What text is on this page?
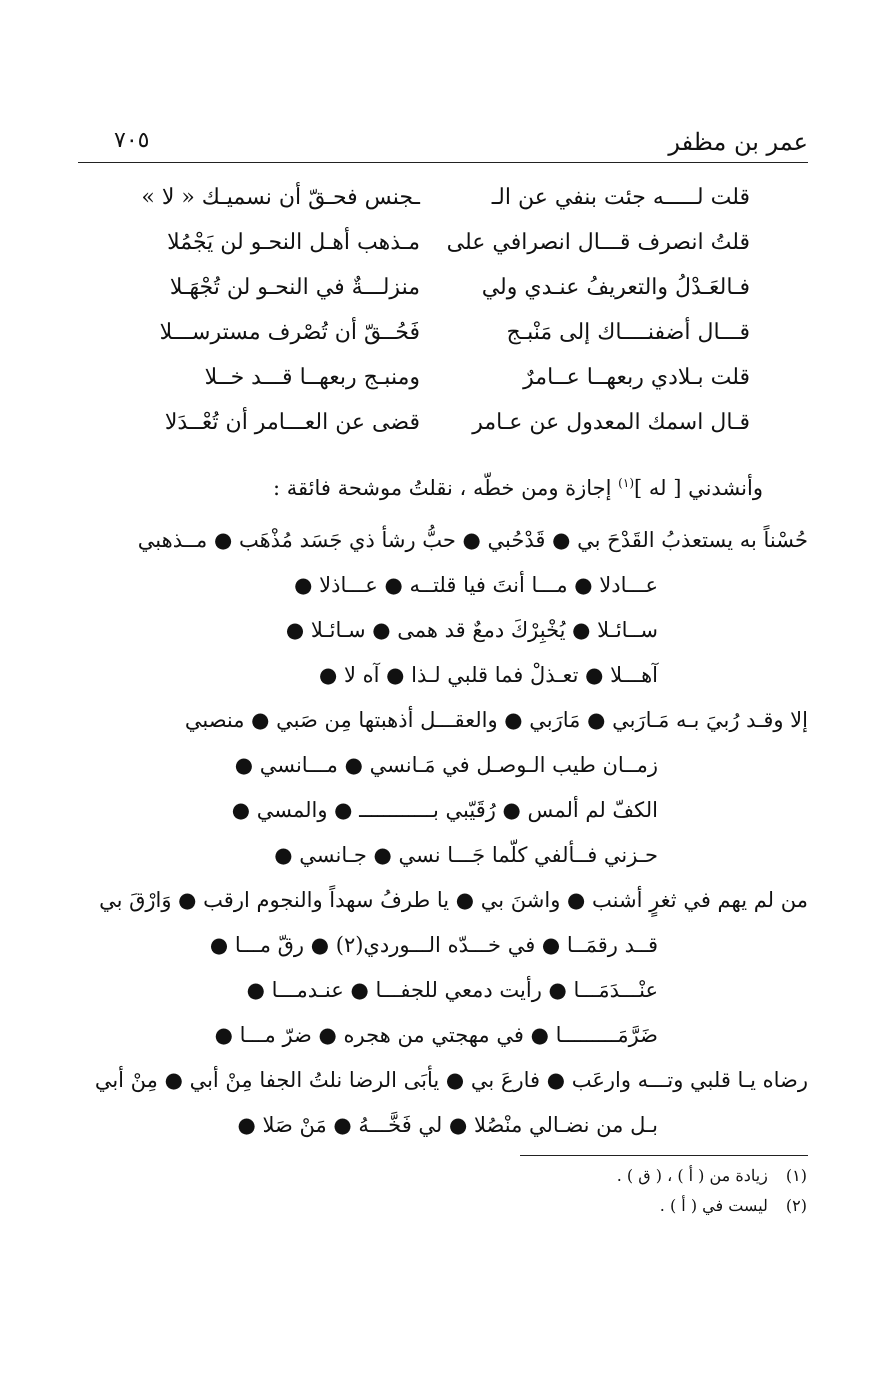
عمر بن مظفر
٧٠٥
قلت لـــــه جئت بنفي عن الـ
ـجنس فحـقّ أن نسميـك « لا »
قلتُ انصرف قـــال انصرافي على
مـذهب أهـل النحـو لن يَجْمُلا
فـالعَـدْلُ والتعريفُ عنـدي ولي
منزلـــةٌ في النحـو لن تُجْهَـلا
قـــال أضفنــــاك إلى مَنْبـج
فَحُــقّ أن تُصْرف مسترســـلا
قلت بـلادي ربعهــا عــامرٌ
ومنبـج ربعهــا قـــد خــلا
قـال اسمك المعدول عن عـامر
قضى عن العـــامر أن تُعْــدَلا
وأنشدني [ له ]$^{(١)}$ إجازة ومن خطّه ، نقلتُ موشحة فائقة :
حُسْناً به يستعذبُ القَدْحَ بي ● قَدْحُبي ● حبُّ رشأ ذي جَسَد مُذْهَب ● مــذهبي
عـــادلا ● مـــا أنتَ فيا قلتــه ● عـــاذلا ●
ســائـلا ● يُخْبِرْكَ دمعٌ قد همى ● سـائـلا ●
آهـــلا ● تعـذلْ فما قلبي لـذا ● آه لا ●
إلا وقـد رُبيَ بـه مَـارَبي ● مَارَبي ● والعقـــل أذهبتها مِن صَبي ● منصبي
زمــان طيب الـوصـل في مَـانسي ● مـــانسي ●
الكفّ لم ألمس ● رُقَيّبي بــــــــــــ ● والمسي ●
حـزني فــألفي كلّما جَـــا نسي ● جـانسي ●
من لم يهم في ثغرٍ أشنب ● واشنَ بي ● يا طرفُ سهداً والنجوم ارقب ● وَارْقَ بي
قــد رقمَــا ● في خـــدّه الـــوردي(٢) ● رقّ مـــا ●
عنْـــدَمَـــا ● رأيت دمعي للجفـــا ● عنـدمـــا ●
ضَرَّمَـــــــــا ● في مهجتي من هجره ● ضرّ مـــا ●
رضاه يـا قلبي وتـــه وارعَب ● فارعَ بي ● يأبَى الرضا نلتُ الجفا مِنْ أبي ● مِنْ أبي
بـل من نضـالي منْصُلا ● لي فَخَّـــهُ ● مَنْ صَلا ●
(١) زيادة من ( أ ) ، ( ق ) .
(٢) ليست في ( أ ) .
